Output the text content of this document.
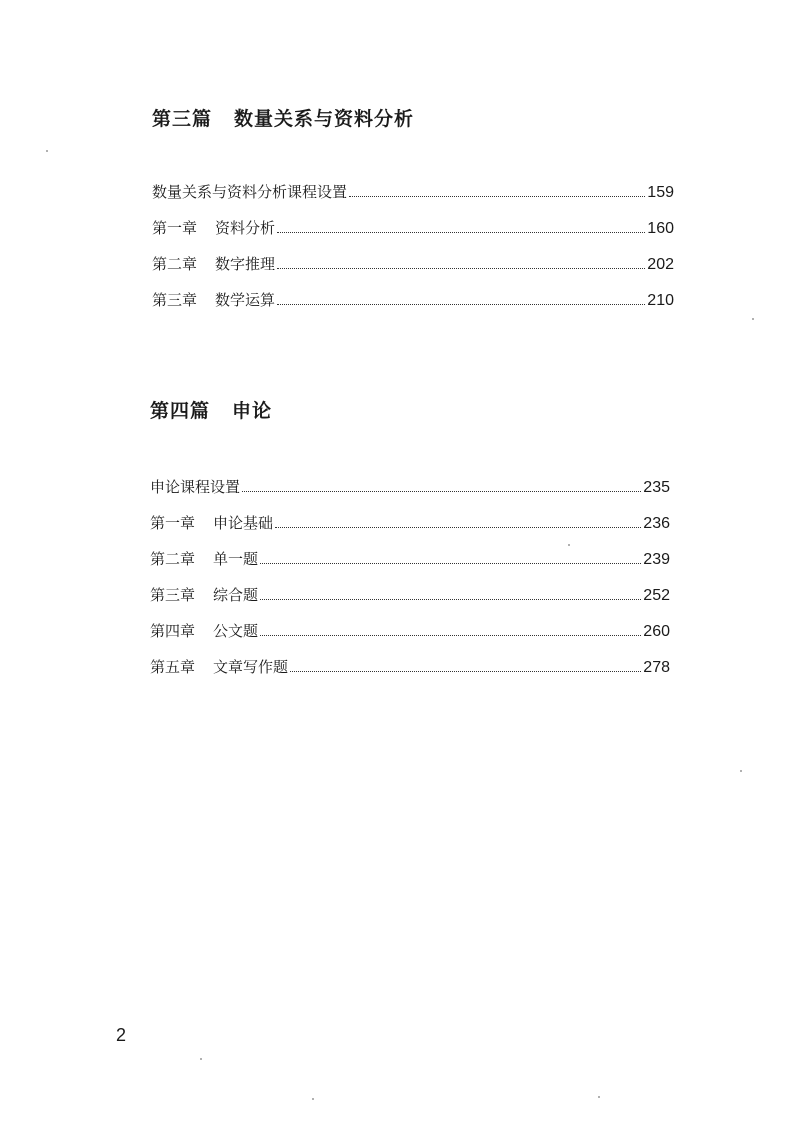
第三篇 数量关系与资料分析
数量关系与资料分析课程设置	159
第一章 资料分析	160
第二章 数字推理	202
第三章 数学运算	210
第四篇 申论
申论课程设置	235
第一章 申论基础	236
第二章 单一题	239
第三章 综合题	252
第四章 公文题	260
第五章 文章写作题	278
2
